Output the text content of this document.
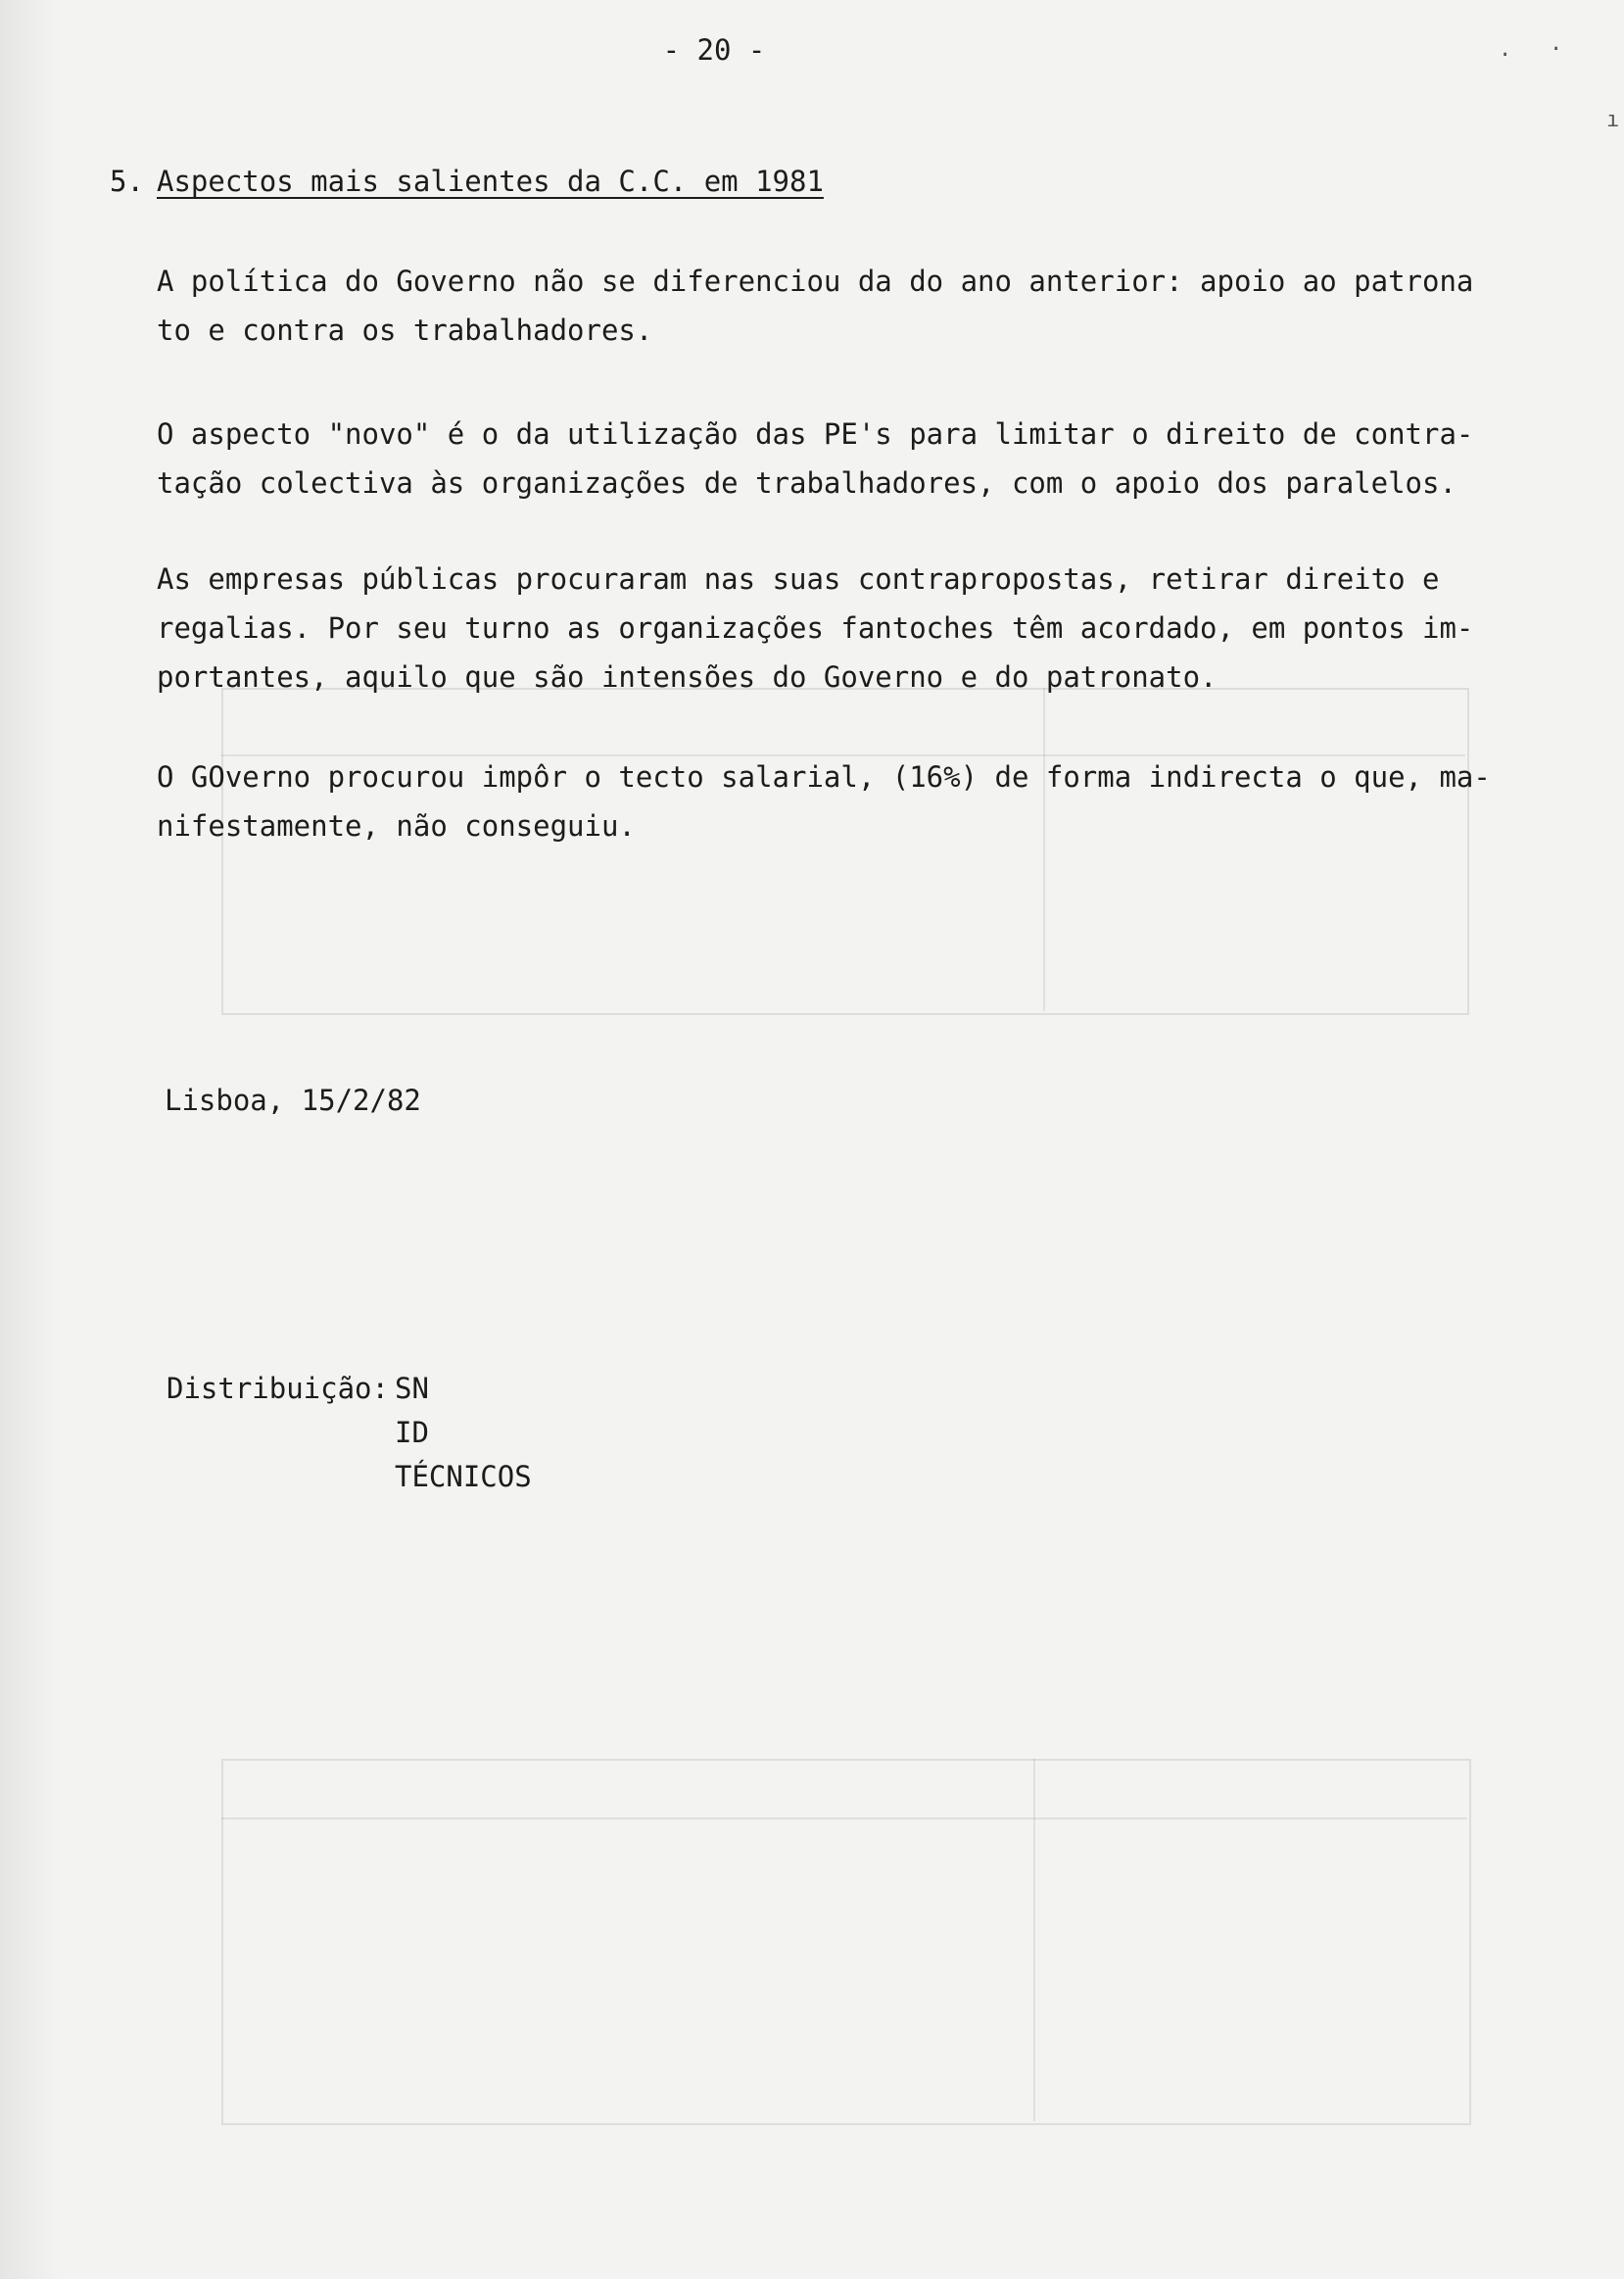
- 20 -
5. Aspectos mais salientes da C.C. em 1981
A política do Governo não se diferenciou da do ano anterior: apoio ao patrona
to e contra os trabalhadores.
O aspecto "novo" é o da utilização das PE's para limitar o direito de contra-
tação colectiva às organizações de trabalhadores, com o apoio dos paralelos.
As empresas públicas procuraram nas suas contrapropostas, retirar direito e
regalias. Por seu turno as organizações fantoches têm acordado, em pontos im-
portantes, aquilo que são intensões do Governo e do patronato.
O GOverno procurou impôr o tecto salarial, (16%) de forma indirecta o que, ma-
nifestamente, não conseguiu.
Lisboa, 15/2/82
Distribuição: SN
ID
TÉCNICOS
. ·
ı
